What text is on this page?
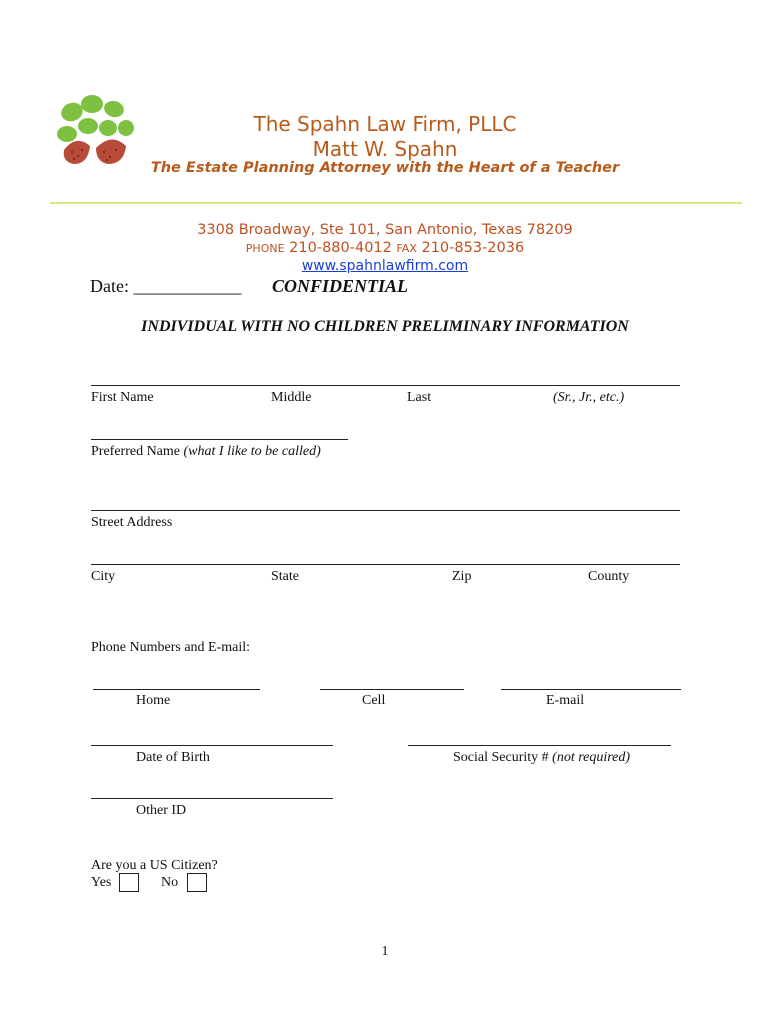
The Spahn Law Firm, PLLC
Matt W. Spahn
The Estate Planning Attorney with the Heart of a Teacher
3308 Broadway, Ste 101, San Antonio, Texas 78209
PHONE 210-880-4012 FAX 210-853-2036
www.spahnlawfirm.com
Date: ____________ CONFIDENTIAL
INDIVIDUAL WITH NO CHILDREN PRELIMINARY INFORMATION
First Name	Middle	Last	(Sr., Jr., etc.)
Preferred Name (what I like to be called)
Street Address
City	State	Zip	County
Phone Numbers and E-mail:
Home	Cell	E-mail
Date of Birth	Social Security # (not required)
Other ID
Are you a US Citizen?
Yes	No
1
